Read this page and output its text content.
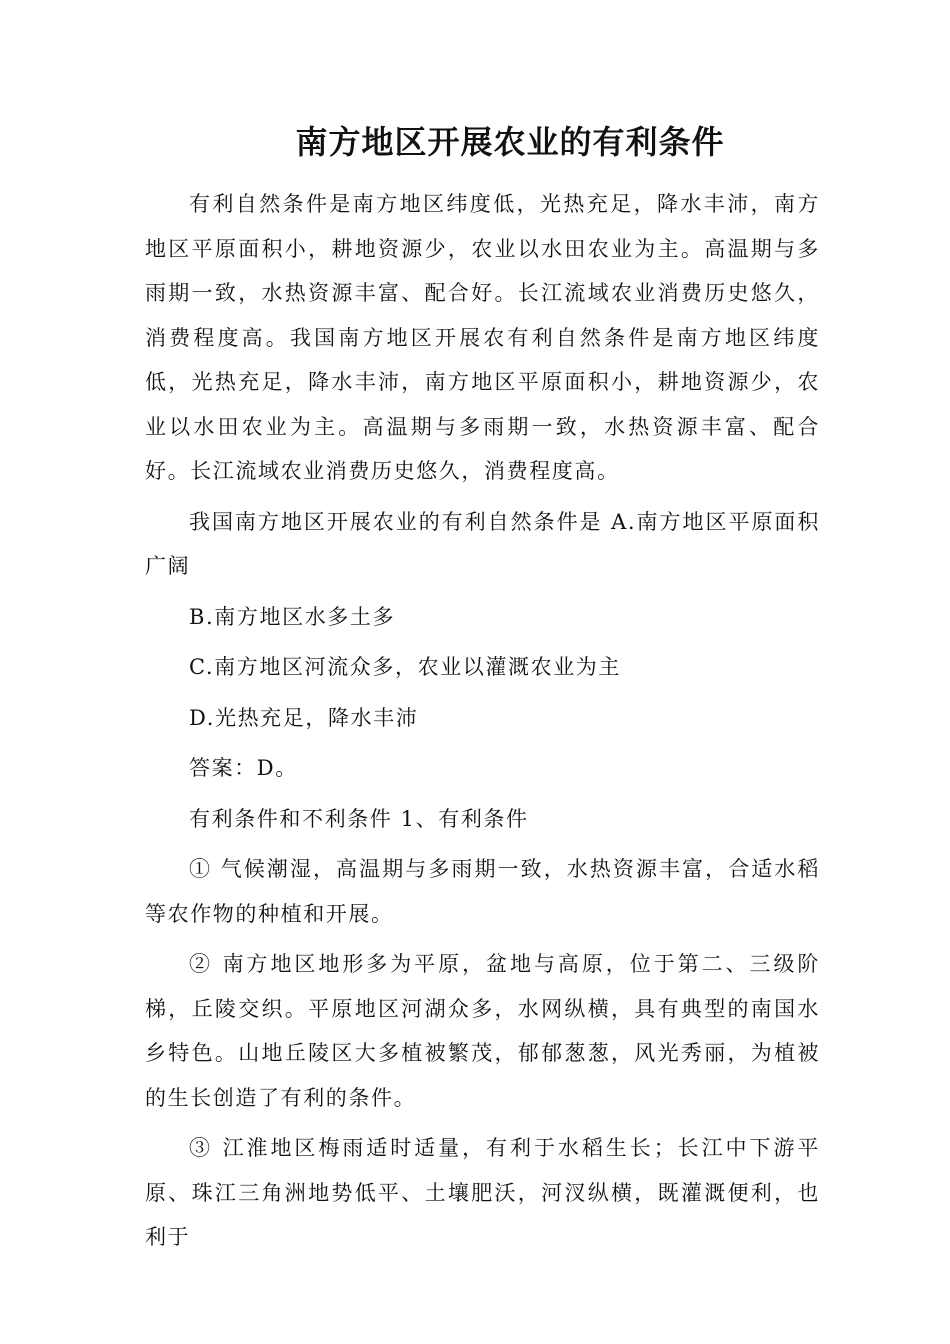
南方地区开展农业的有利条件

有利自然条件是南方地区纬度低，光热充足，降水丰沛，南方地区平原面积小，耕地资源少，农业以水田农业为主。高温期与多雨期一致，水热资源丰富、配合好。长江流域农业消费历史悠久，消费程度高。我国南方地区开展农有利自然条件是南方地区纬度低，光热充足，降水丰沛，南方地区平原面积小，耕地资源少，农业以水田农业为主。高温期与多雨期一致，水热资源丰富、配合好。长江流域农业消费历史悠久，消费程度高。

我国南方地区开展农业的有利自然条件是 A.南方地区平原面积广阔

B.南方地区水多土多

C.南方地区河流众多，农业以灌溉农业为主

D.光热充足，降水丰沛

答案：D。

有利条件和不利条件 1、有利条件

① 气候潮湿，高温期与多雨期一致，水热资源丰富，合适水稻等农作物的种植和开展。

② 南方地区地形多为平原，盆地与高原，位于第二、三级阶梯，丘陵交织。平原地区河湖众多，水网纵横，具有典型的南国水乡特色。山地丘陵区大多植被繁茂，郁郁葱葱，风光秀丽，为植被的生长创造了有利的条件。

③ 江淮地区梅雨适时适量，有利于水稻生长；长江中下游平原、珠江三角洲地势低平、土壤肥沃，河汊纵横，既灌溉便利，也利于
